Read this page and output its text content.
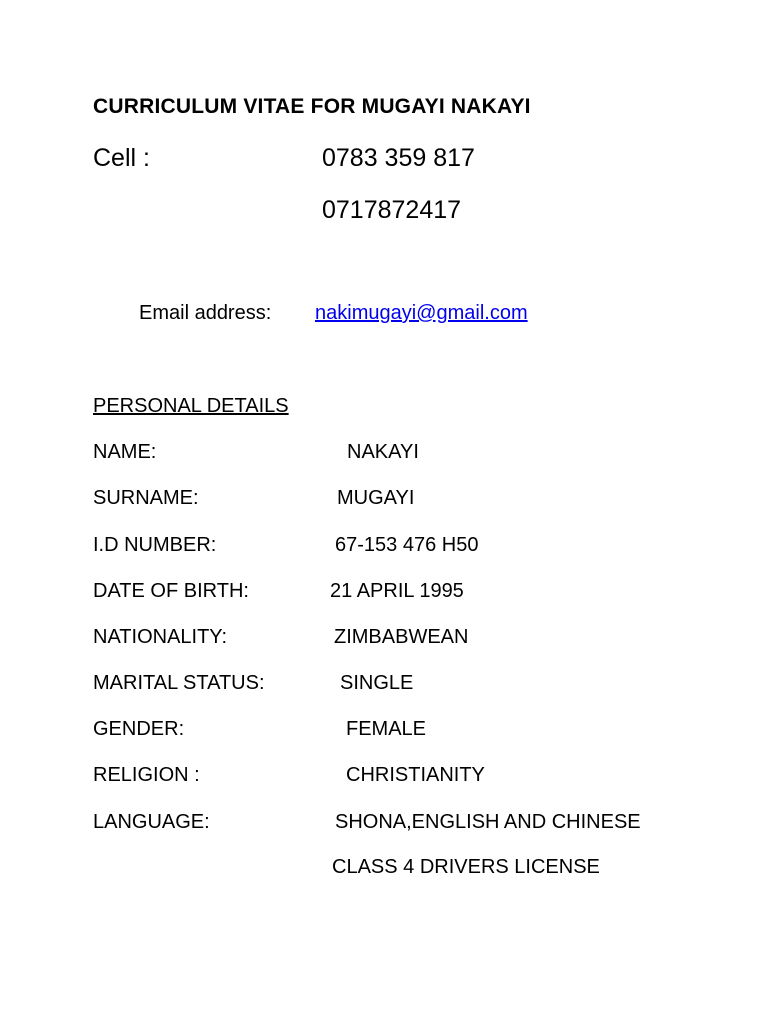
CURRICULUM VITAE FOR MUGAYI NAKAYI
Cell :	0783 359 817
0717872417
Email address: nakimugayi@gmail.com
PERSONAL DETAILS
NAME:	NAKAYI
SURNAME:	MUGAYI
I.D NUMBER:	67-153 476 H50
DATE OF BIRTH:	21 APRIL 1995
NATIONALITY:	ZIMBABWEAN
MARITAL STATUS:	SINGLE
GENDER:	FEMALE
RELIGION :	CHRISTIANITY
LANGUAGE:	SHONA,ENGLISH AND CHINESE
CLASS 4 DRIVERS LICENSE
